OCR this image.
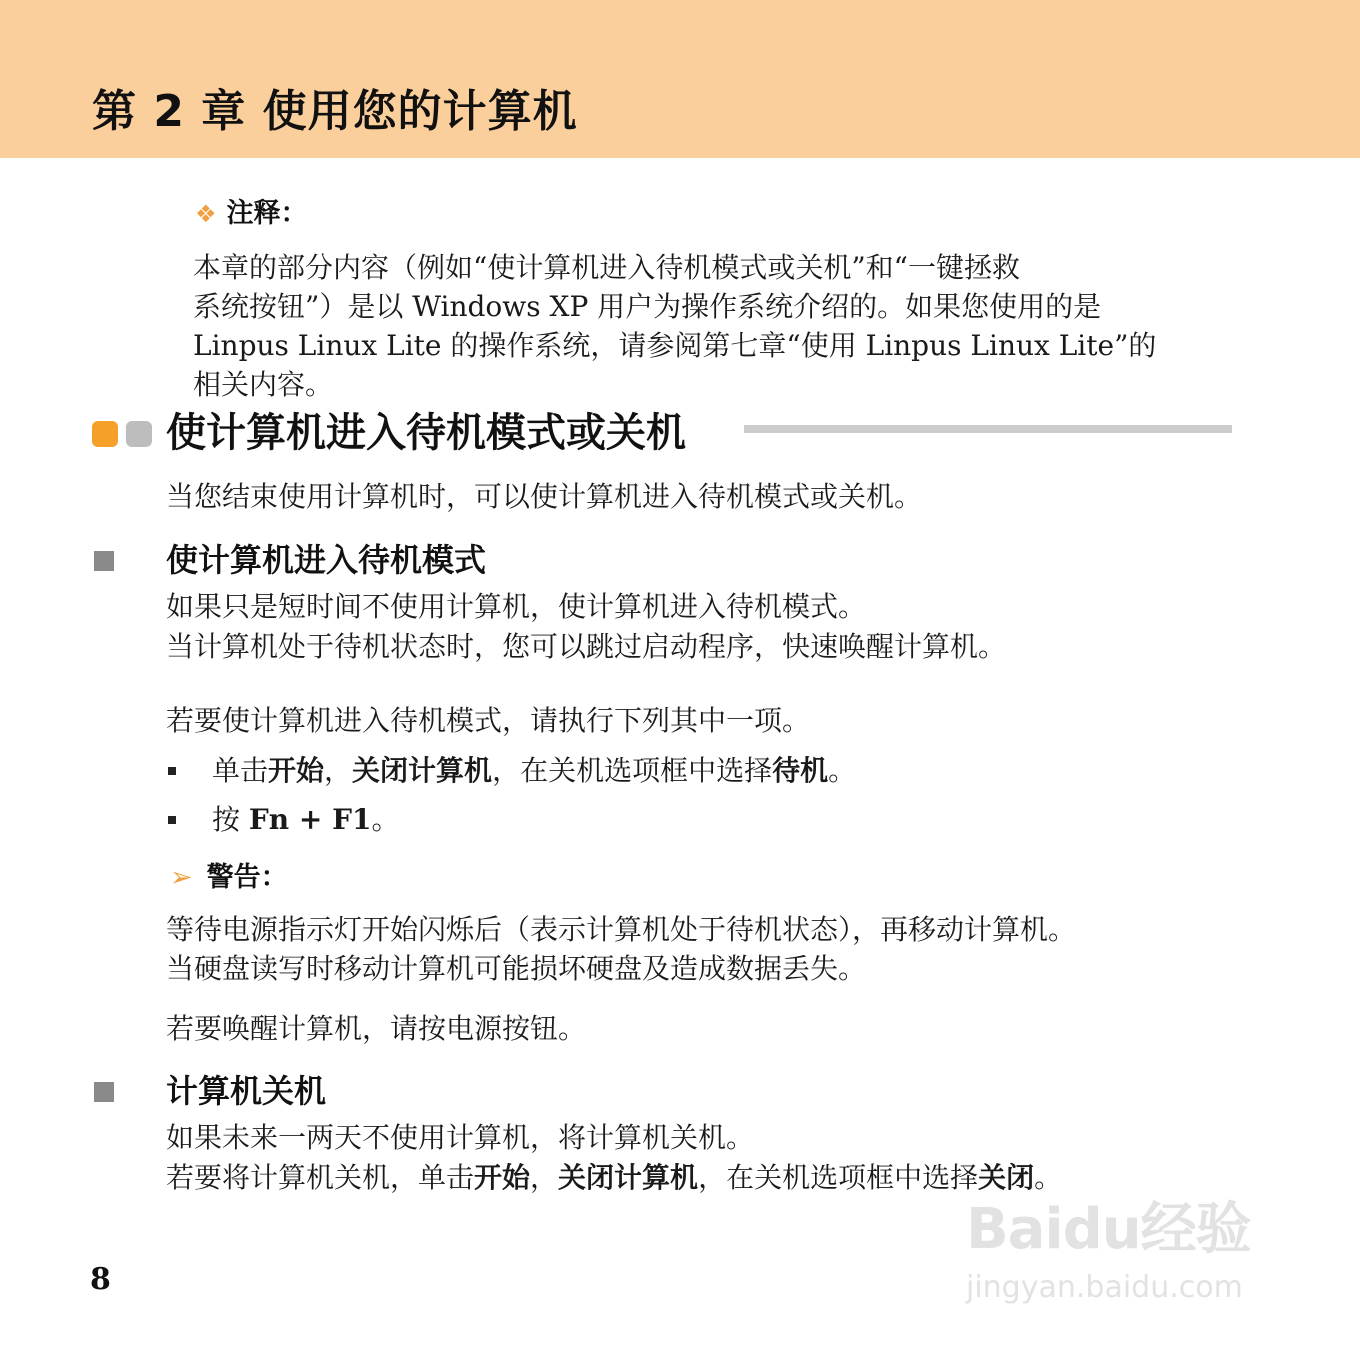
第 2 章 使用您的计算机
❖ 注释：
本章的部分内容（例如“使计算机进入待机模式或关机”和“一键拯救
系统按钮”）是以 Windows XP 用户为操作系统介绍的。如果您使用的是
Linpus Linux Lite 的操作系统，请参阅第七章“使用 Linpus Linux Lite”的
相关内容。
使计算机进入待机模式或关机
当您结束使用计算机时，可以使计算机进入待机模式或关机。
使计算机进入待机模式
如果只是短时间不使用计算机，使计算机进入待机模式。
当计算机处于待机状态时，您可以跳过启动程序，快速唤醒计算机。
若要使计算机进入待机模式，请执行下列其中一项。
单击开始，关闭计算机，在关机选项框中选择待机。
按 Fn + F1。
➢ 警告：
等待电源指示灯开始闪烁后（表示计算机处于待机状态），再移动计算机。
当硬盘读写时移动计算机可能损坏硬盘及造成数据丢失。
若要唤醒计算机，请按电源按钮。
计算机关机
如果未来一两天不使用计算机，将计算机关机。
若要将计算机关机，单击开始，关闭计算机，在关机选项框中选择关闭。
8
Baidu经验
jingyan.baidu.com
